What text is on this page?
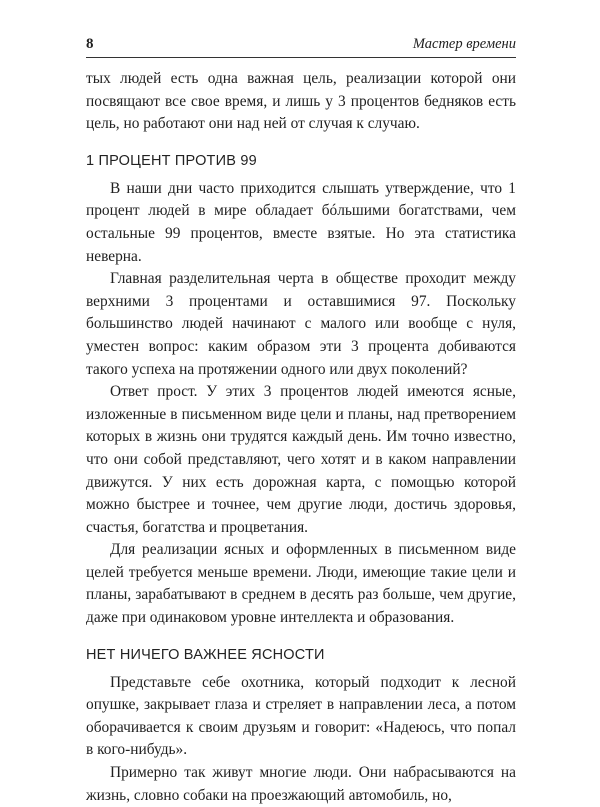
8	Мастер времени

тых людей есть одна важная цель, реализации которой они посвящают все свое время, и лишь у 3 процентов бедняков есть цель, но работают они над ней от случая к случаю.

1 ПРОЦЕНТ ПРОТИВ 99

В наши дни часто приходится слышать утверждение, что 1 процент людей в мире обладает бóльшими богатствами, чем остальные 99 процентов, вместе взятые. Но эта статистика неверна.

Главная разделительная черта в обществе проходит между верхними 3 процентами и оставшимися 97. Поскольку большинство людей начинают с малого или вообще с нуля, уместен вопрос: каким образом эти 3 процента добиваются такого успеха на протяжении одного или двух поколений?

Ответ прост. У этих 3 процентов людей имеются ясные, изложенные в письменном виде цели и планы, над претворением которых в жизнь они трудятся каждый день. Им точно известно, что они собой представляют, чего хотят и в каком направлении движутся. У них есть дорожная карта, с помощью которой можно быстрее и точнее, чем другие люди, достичь здоровья, счастья, богатства и процветания.

Для реализации ясных и оформленных в письменном виде целей требуется меньше времени. Люди, имеющие такие цели и планы, зарабатывают в среднем в десять раз больше, чем другие, даже при одинаковом уровне интеллекта и образования.

НЕТ НИЧЕГО ВАЖНЕЕ ЯСНОСТИ

Представьте себе охотника, который подходит к лесной опушке, закрывает глаза и стреляет в направлении леса, а потом оборачивается к своим друзьям и говорит: «Надеюсь, что попал в кого-нибудь».

Примерно так живут многие люди. Они набрасываются на жизнь, словно собаки на проезжающий автомобиль, но,
